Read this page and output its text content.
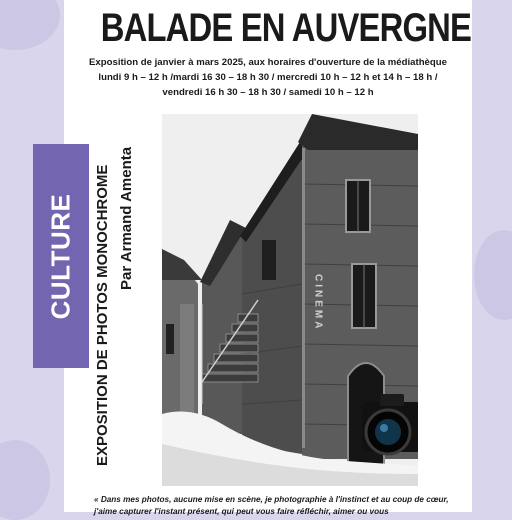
BALADE EN AUVERGNE
Exposition de janvier à mars 2025, aux horaires d'ouverture de la médiathèque
lundi 9 h – 12 h /mardi 16 30 – 18 h 30 / mercredi 10 h – 12 h et 14 h – 18 h /
vendredi 16 h 30 – 18 h 30 / samedi 10 h – 12 h
CULTURE EXPOSITION DE PHOTOS MONOCHROME Par Armand Amenta
CINEMA
« Dans mes photos, aucune mise en scène, je photographie à l'instinct et au coup de cœur, j'aime capturer l'instant présent, qui peut vous faire réfléchir, aimer ou vous
